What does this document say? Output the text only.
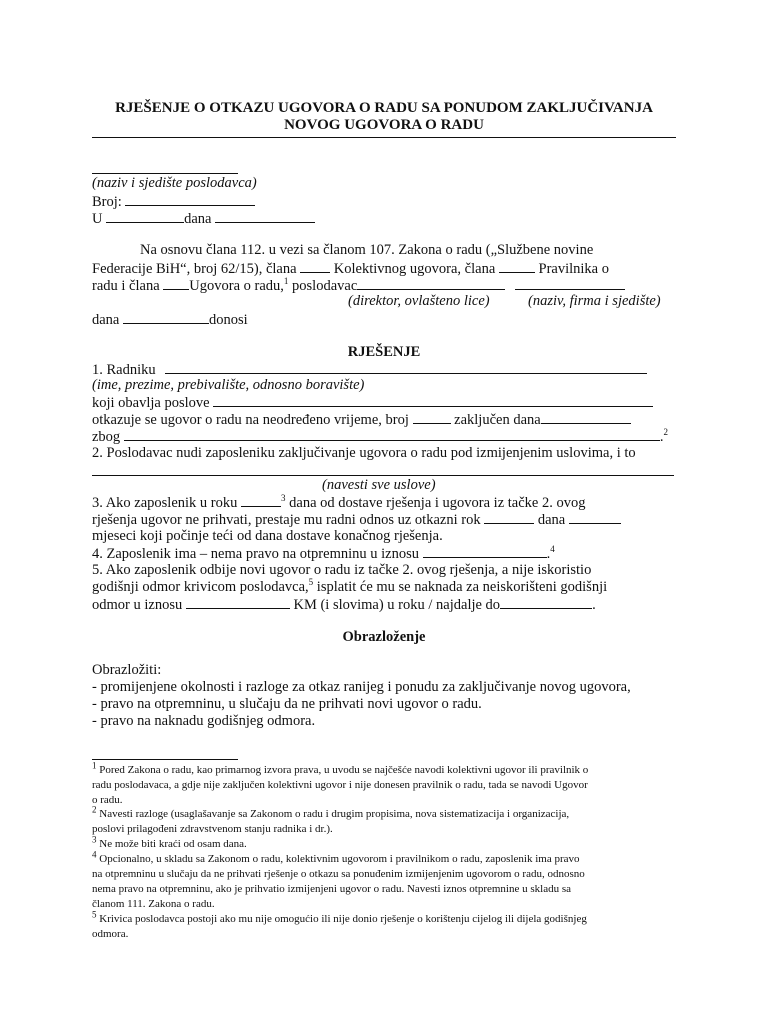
RJEŠENJE O OTKAZU UGOVORA O RADU SA PONUDOM ZAKLJUČIVANJA
NOVOG UGOVORA O RADU
(naziv i sjedište poslodavca)
Broj:
U	dana
Na osnovu člana 112. u vezi sa članom 107. Zakona o radu („Službene novine
Federacije BiH“, broj 62/15), člana	Kolektivnog ugovora, člana	Pravilnika o
radu i člana Ugovora o radu,$^1$ poslodavac
(direktor, ovlašteno lice)	(naziv, firma i sjedište)
dana	donosi
RJEŠENJE
1. Radniku
(ime, prezime, prebivalište, odnosno boravište)
koji obavlja poslove
otkazuje se ugovor o radu na neodređeno vrijeme, broj	zaključen dana
zbog	.$^2$
2. Poslodavac nudi zaposleniku zaključivanje ugovora o radu pod izmijenjenim uslovima, i to
(navesti sve uslove)
3. Ako zaposlenik u roku	$^3$ dana od dostave rješenja i ugovora iz tačke 2. ovog
rješenja ugovor ne prihvati, prestaje mu radni odnos uz otkazni rok	dana
mjeseci koji počinje teći od dana dostave konačnog rješenja.
4. Zaposlenik ima – nema pravo na otpremninu u iznosu	.$^4$
5. Ako zaposlenik odbije novi ugovor o radu iz tačke 2. ovog rješenja, a nije iskoristio
godišnji odmor krivicom poslodavca,$^5$ isplatit će mu se naknada za neiskorišteni godišnji
odmor u iznosu	KM (i slovima) u roku / najdalje do	.
Obrazloženje
Obrazložiti:
- promijenjene okolnosti i razloge za otkaz ranijeg i ponudu za zaključivanje novog ugovora,
- pravo na otpremninu, u slučaju da ne prihvati novi ugovor o radu.
- pravo na naknadu godišnjeg odmora.
$^1$ Pored Zakona o radu, kao primarnog izvora prava, u uvodu se najčešće navodi kolektivni ugovor ili pravilnik o
radu poslodavaca, a gdje nije zaključen kolektivni ugovor i nije donesen pravilnik o radu, tada se navodi Ugovor
o radu.
$^2$ Navesti razloge (usaglašavanje sa Zakonom o radu i drugim propisima, nova sistematizacija i organizacija,
poslovi prilagođeni zdravstvenom stanju radnika i dr.).
$^3$ Ne može biti kraći od osam dana.
$^4$ Opcionalno, u skladu sa Zakonom o radu, kolektivnim ugovorom i pravilnikom o radu, zaposlenik ima pravo
na otpremninu u slučaju da ne prihvati rješenje o otkazu sa ponuđenim izmijenjenim ugovorom o radu, odnosno
nema pravo na otpremninu, ako je prihvatio izmijenjeni ugovor o radu. Navesti iznos otpremnine u skladu sa
članom 111. Zakona o radu.
$^5$ Krivica poslodavca postoji ako mu nije omogućio ili nije donio rješenje o korištenju cijelog ili dijela godišnjeg
odmora.
